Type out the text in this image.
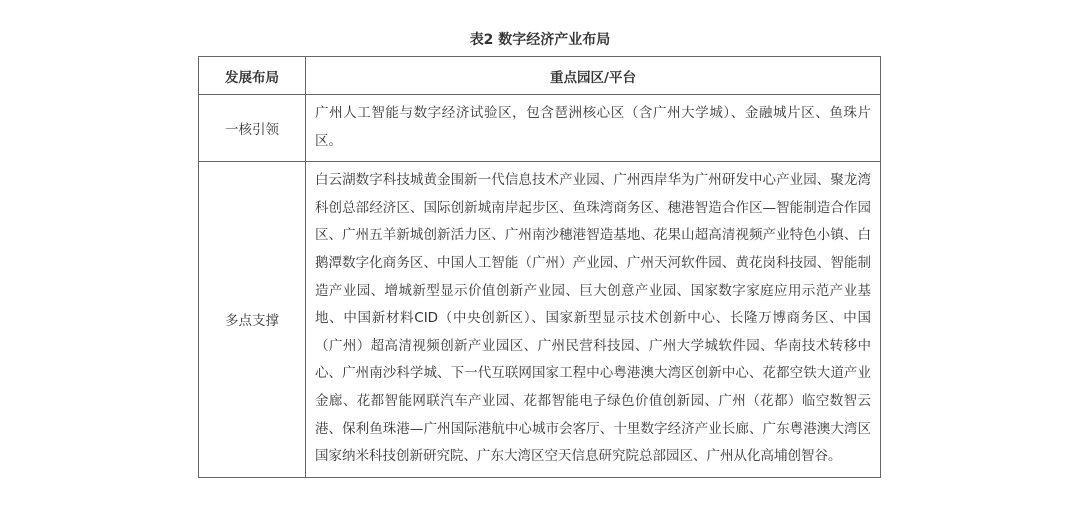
表2 数字经济产业布局
发展布局	重点园区/平台
一核引领	广州人工智能与数字经济试验区，包含琶洲核心区（含广州大学城）、金融城片区、鱼珠片区。
多点支撑	白云湖数字科技城黄金围新一代信息技术产业园、广州西岸华为广州研发中心产业园、聚龙湾科创总部经济区、国际创新城南岸起步区、鱼珠湾商务区、穗港智造合作区—智能制造合作园区、广州五羊新城创新活力区、广州南沙穗港智造基地、花果山超高清视频产业特色小镇、白鹅潭数字化商务区、中国人工智能（广州）产业园、广州天河软件园、黄花岗科技园、智能制造产业园、增城新型显示价值创新产业园、巨大创意产业园、国家数字家庭应用示范产业基地、中国新材料CID（中央创新区）、国家新型显示技术创新中心、长隆万博商务区、中国（广州）超高清视频创新产业园区、广州民营科技园、广州大学城软件园、华南技术转移中心、广州南沙科学城、下一代互联网国家工程中心粤港澳大湾区创新中心、花都空铁大道产业金廊、花都智能网联汽车产业园、花都智能电子绿色价值创新园、广州（花都）临空数智云港、保利鱼珠港—广州国际港航中心城市会客厅、十里数字经济产业长廊、广东粤港澳大湾区国家纳米科技创新研究院、广东大湾区空天信息研究院总部园区、广州从化高埔创智谷。
